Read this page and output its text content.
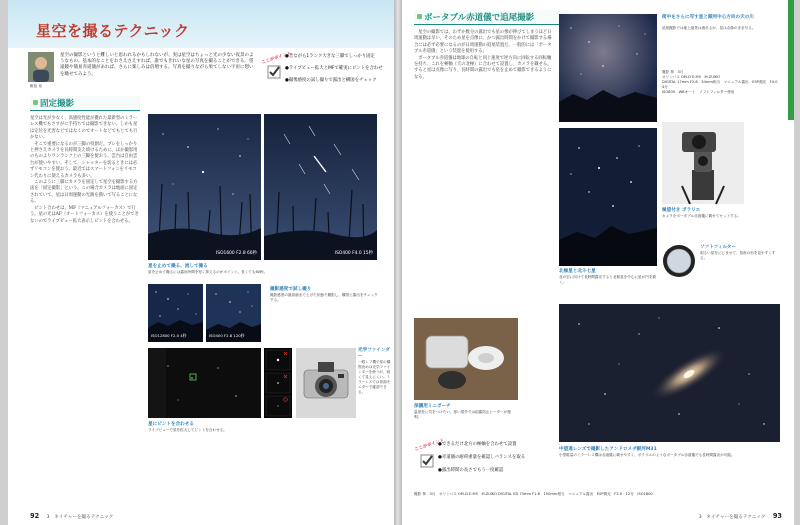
星空を撮るテクニック
飯島 裕
星空の撮影というと難しいと思われるかもしれないが、実は星空はちょっと光の少ない夜景のようなもの。基本的なことをおさえさえすれば、誰でもきれいな星の写真を撮ることができる。望遠鏡や簡易赤道儀があれば、さらに楽しみは倍増する。写真を撮りながら果てしない宇宙に想いを馳せてみよう。
ここがポイント
●昔ながら1ランク大きな三脚でしっかり固定
●ライブビュー拡大とMFで確実にピントを合わせ
●撮像感度の試し撮りで露出と構図をチェック
固定撮影
星空は光が少なく、高感度性能が優れた最新型のミラーレス機でもさすがに手持ちでは撮影できない。しかも星は定位を光害などではなくのでオートなどでもとても行かない。
　そこで重要になるのが三脚の役割だ。ブレをしっかりと押さえカメラを長時間支え続けるために、ほか撮影用のものよりワンランク上の三脚を使おう。雲台は自由雲台が使いやすい。そして、シャッターを切るときには必ずリモコンを使おう。最近ではスマートフォンをリモコン代わりに使えるカメラも多い。
　このように三脚にカメラを固定して星空を撮影する方法を「固定撮影」という。この場合カメラは地面に固定されていて、星は日周運動の光跡を描いて写ることになる。
　ピント合わせは、MF（マニュアルフォーカス）で行う。星の光はAF（オートフォーカス）を使うことができないのでライブビュー拡大表示しピントを合わせる。
ISO1600 F2.8 60秒	ISO400 F4.0 15秒
星を止めて撮る、流して撮る
星を止めて撮るには露出時間を短く抑えるのがポイント。長くても60秒。
ISO12800 F2.0 4秒	ISO400 F2.8 120秒
撮影感度で試し撮り
撮影感度の最高値まで上げた状態で撮影し、構図と露出をチェックする。
星にピントを合わせる
ライブビューで星を拡大してピントを合わせる。
光学ファインダー
一眼レフ機で星の構図決めは光学ファインダーを使うが、暗くて見えにくい。ミラーレスでは背面モニターで確認できる。
92 3　ネイチャーを撮るテクニック
ポータブル赤道儀で追尾撮影
　星空の撮影では、わずか数分の露出でも星の像が伸びてしまうほど日周運動は早い。そのため星を点像に、かつ露出時間をかけて撮影する場合には必ず必要になるのが日周運動の追尾装置だ。一般的には「ポータブル赤道儀」という装置を使用する。
　ポータブル赤道儀は地球の自転と同じ速度で逆方向に回転する回転軸を持ち、これを極軸（天の北極）に合わせて設置し、カメラを載せる。すると星は点像に写り、長時間の露出でも星を止めて撮影できるようになる。
街中をさらに写す星と銀河中心方向の天の川
追尾撮影では地上風景は流れるが、星は点像のまま写る。
撮影 柿　3月
オリンパス OM-D E-M5　M.ZUIKO
DIGITAL 17mm F2.8　34mm相当　マニュアル露出　ESP測光　F4.0　4分
ISO800　WBオート　ソフトフィルター使用
極望付き ポラリエ
カメラをポータブル赤道儀に載せてセットする。
ソフトフィルター
明るい星をにじませて、星座の形を見やすくする。
北極星と北斗七星
北の空に向けて長時間露光すると北極星を中心に星が円を描く。
保護用ミニポーチ
温度差に気をつけたい。寒い屋外では結露防止ヒーターが便利。
ここがポイント
●できるだけ北方の極軸を合わせて設置
●赤道儀の耐荷重量を確認しバランスを取る
●露出時間の長さでもう一度確認
中望遠レンズで撮影したアンドロメダ銀河M31
小型軽量のミラーレス機は赤道儀に載せやすく、ポラリエのようなポータブル赤道儀でも長時間露出が可能。
撮影 柿　3月　オリンパス OM-D E-M5　M.ZUIKO DIGITAL ED 75mm F1.8　150mm相当　マニュアル露出　ESP測光　F2.0　12分　ISO1600
3　ネイチャーを撮るテクニック 93
